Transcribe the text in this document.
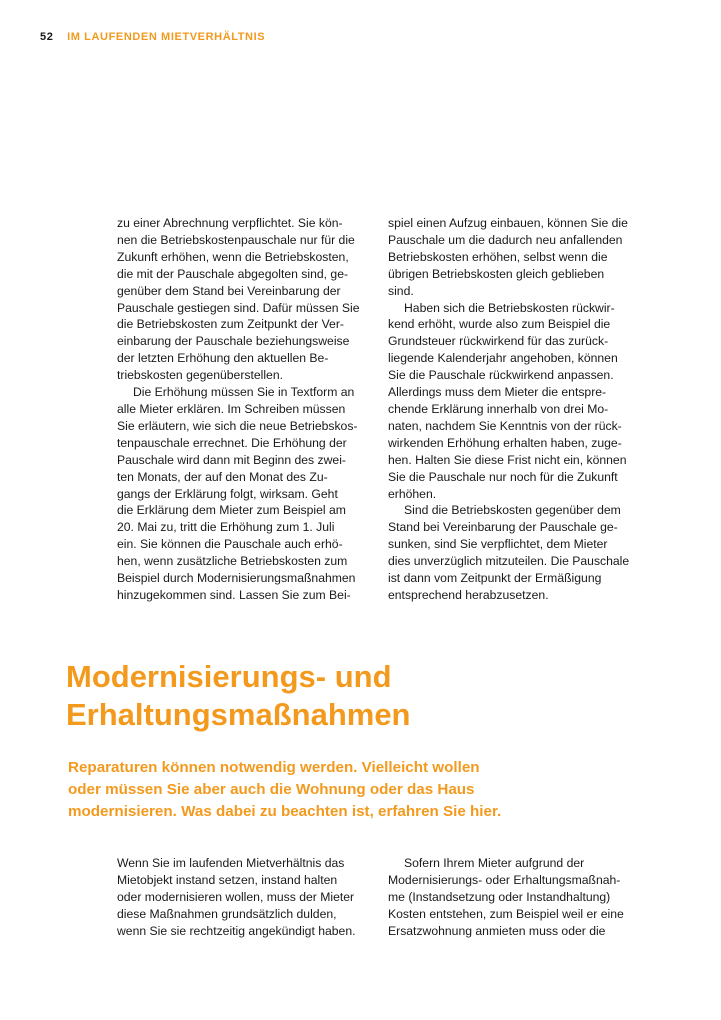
52 IM LAUFENDEN MIETVERHÄLTNIS

zu einer Abrechnung verpflichtet. Sie kön-
nen die Betriebskostenpauschale nur für die
Zukunft erhöhen, wenn die Betriebskosten,
die mit der Pauschale abgegolten sind, ge-
genüber dem Stand bei Vereinbarung der
Pauschale gestiegen sind. Dafür müssen Sie
die Betriebskosten zum Zeitpunkt der Ver-
einbarung der Pauschale beziehungsweise
der letzten Erhöhung den aktuellen Be-
triebskosten gegenüberstellen.

Die Erhöhung müssen Sie in Textform an
alle Mieter erklären. Im Schreiben müssen
Sie erläutern, wie sich die neue Betriebskos-
tenpauschale errechnet. Die Erhöhung der
Pauschale wird dann mit Beginn des zwei-
ten Monats, der auf den Monat des Zu-
gangs der Erklärung folgt, wirksam. Geht
die Erklärung dem Mieter zum Beispiel am
20. Mai zu, tritt die Erhöhung zum 1. Juli
ein. Sie können die Pauschale auch erhö-
hen, wenn zusätzliche Betriebskosten zum
Beispiel durch Modernisierungsmaßnahmen
hinzugekommen sind. Lassen Sie zum Bei-

spiel einen Aufzug einbauen, können Sie die
Pauschale um die dadurch neu anfallenden
Betriebskosten erhöhen, selbst wenn die
übrigen Betriebskosten gleich geblieben
sind.

Haben sich die Betriebskosten rückwir-
kend erhöht, wurde also zum Beispiel die
Grundsteuer rückwirkend für das zurück-
liegende Kalenderjahr angehoben, können
Sie die Pauschale rückwirkend anpassen.
Allerdings muss dem Mieter die entspre-
chende Erklärung innerhalb von drei Mo-
naten, nachdem Sie Kenntnis von der rück-
wirkenden Erhöhung erhalten haben, zuge-
hen. Halten Sie diese Frist nicht ein, können
Sie die Pauschale nur noch für die Zukunft
erhöhen.

Sind die Betriebskosten gegenüber dem
Stand bei Vereinbarung der Pauschale ge-
sunken, sind Sie verpflichtet, dem Mieter
dies unverzüglich mitzuteilen. Die Pauschale
ist dann vom Zeitpunkt der Ermäßigung
entsprechend herabzusetzen.

Modernisierungs- und
Erhaltungsmaßnahmen

Reparaturen können notwendig werden. Vielleicht wollen
oder müssen Sie aber auch die Wohnung oder das Haus
modernisieren. Was dabei zu beachten ist, erfahren Sie hier.

Wenn Sie im laufenden Mietverhältnis das
Mietobjekt instand setzen, instand halten
oder modernisieren wollen, muss der Mieter
diese Maßnahmen grundsätzlich dulden,
wenn Sie sie rechtzeitig angekündigt haben.

Sofern Ihrem Mieter aufgrund der
Modernisierungs- oder Erhaltungsmaßnah-
me (Instandsetzung oder Instandhaltung)
Kosten entstehen, zum Beispiel weil er eine
Ersatzwohnung anmieten muss oder die
